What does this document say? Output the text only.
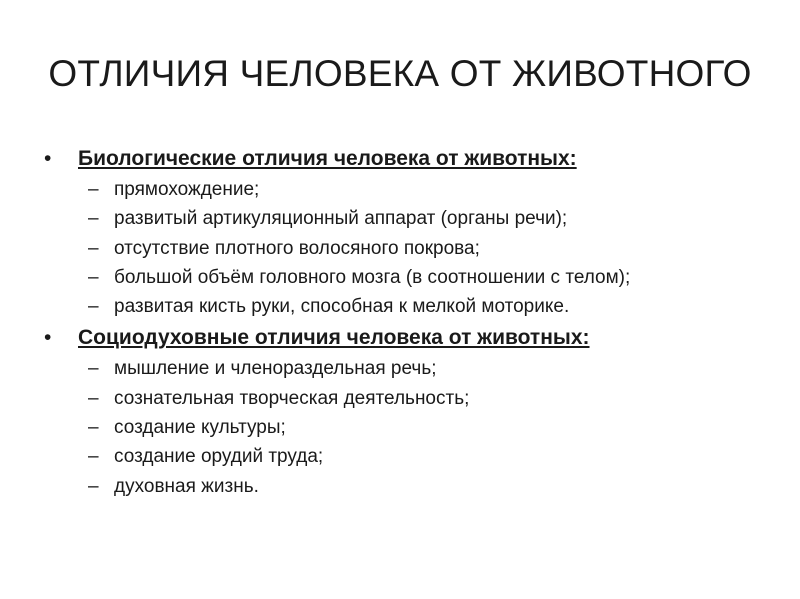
ОТЛИЧИЯ ЧЕЛОВЕКА ОТ ЖИВОТНОГО
• Биологические отличия человека от животных:
– прямохождение;
– развитый артикуляционный аппарат (органы речи);
– отсутствие плотного волосяного покрова;
– большой объём головного мозга (в соотношении с телом);
– развитая кисть руки, способная к мелкой моторике.
• Социодуховные отличия человека от животных:
– мышление и членораздельная речь;
– сознательная творческая деятельность;
– создание культуры;
– создание орудий труда;
– духовная жизнь.
